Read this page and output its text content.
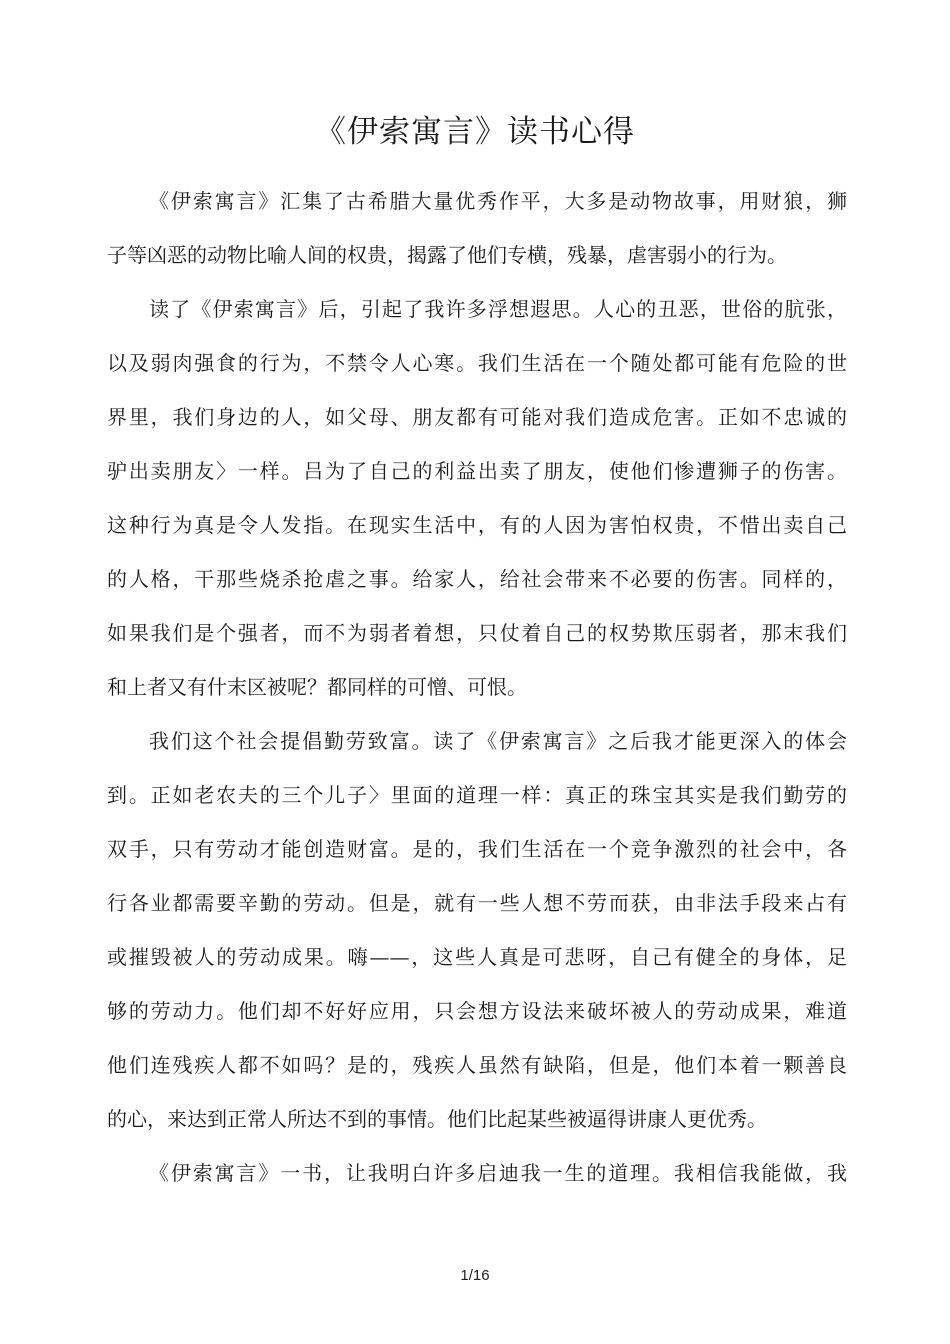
《伊索寓言》读书心得
《伊索寓言》汇集了古希腊大量优秀作平，大多是动物故事，用财狼，狮
子等凶恶的动物比喻人间的权贵，揭露了他们专横，残暴，虐害弱小的行为。
读了《伊索寓言》后，引起了我许多浮想遐思。人心的丑恶，世俗的肮张，
以及弱肉强食的行为，不禁令人心寒。我们生活在一个随处都可能有危险的世
界里，我们身边的人，如父母、朋友都有可能对我们造成危害。正如不忠诚的
驴出卖朋友〉一样。吕为了自己的利益出卖了朋友，使他们惨遭狮子的伤害。
这种行为真是令人发指。在现实生活中，有的人因为害怕权贵，不惜出卖自己
的人格，干那些烧杀抢虐之事。给家人，给社会带来不必要的伤害。同样的，
如果我们是个强者，而不为弱者着想，只仗着自己的权势欺压弱者，那末我们
和上者又有什末区被呢？都同样的可憎、可恨。
我们这个社会提倡勤劳致富。读了《伊索寓言》之后我才能更深入的体会
到。正如老农夫的三个儿子〉里面的道理一样：真正的珠宝其实是我们勤劳的
双手，只有劳动才能创造财富。是的，我们生活在一个竞争激烈的社会中，各
行各业都需要辛勤的劳动。但是，就有一些人想不劳而获，由非法手段来占有
或摧毁被人的劳动成果。嗨——，这些人真是可悲呀，自己有健全的身体，足
够的劳动力。他们却不好好应用，只会想方设法来破坏被人的劳动成果，难道
他们连残疾人都不如吗？是的，残疾人虽然有缺陷，但是，他们本着一颗善良
的心，来达到正常人所达不到的事情。他们比起某些被逼得讲康人更优秀。
《伊索寓言》一书，让我明白许多启迪我一生的道理。我相信我能做，我
1/16
